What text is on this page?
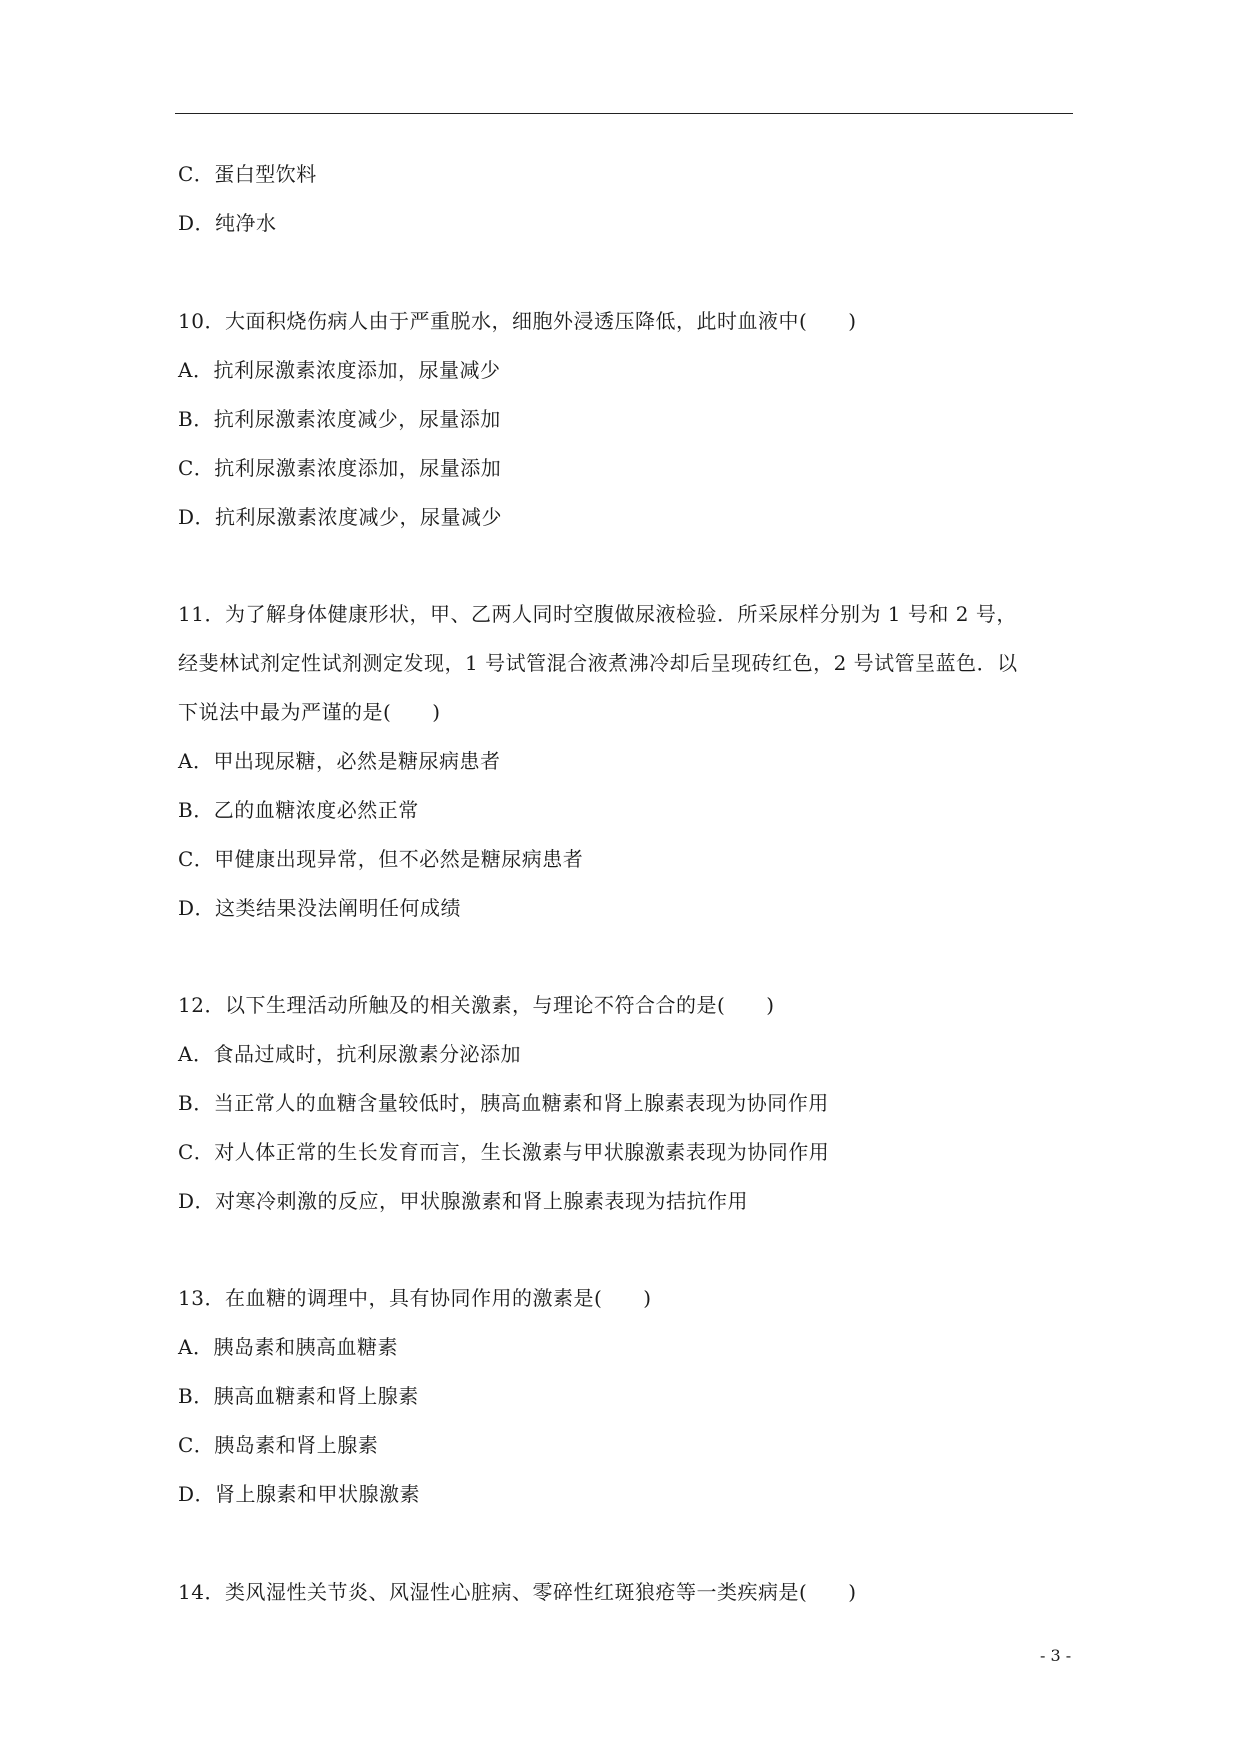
C．蛋白型饮料
D．纯净水
10．大面积烧伤病人由于严重脱水，细胞外浸透压降低，此时血液中(　　)
A．抗利尿激素浓度添加，尿量减少
B．抗利尿激素浓度减少，尿量添加
C．抗利尿激素浓度添加，尿量添加
D．抗利尿激素浓度减少，尿量减少
11．为了解身体健康形状，甲、乙两人同时空腹做尿液检验．所采尿样分别为 1 号和 2 号，
经斐林试剂定性试剂测定发现，1 号试管混合液煮沸冷却后呈现砖红色，2 号试管呈蓝色．以
下说法中最为严谨的是(　　)
A．甲出现尿糖，必然是糖尿病患者
B．乙的血糖浓度必然正常
C．甲健康出现异常，但不必然是糖尿病患者
D．这类结果没法阐明任何成绩
12．以下生理活动所触及的相关激素，与理论不符合合的是(　　)
A．食品过咸时，抗利尿激素分泌添加
B．当正常人的血糖含量较低时，胰高血糖素和肾上腺素表现为协同作用
C．对人体正常的生长发育而言，生长激素与甲状腺激素表现为协同作用
D．对寒冷刺激的反应，甲状腺激素和肾上腺素表现为拮抗作用
13．在血糖的调理中，具有协同作用的激素是(　　)
A．胰岛素和胰高血糖素
B．胰高血糖素和肾上腺素
C．胰岛素和肾上腺素
D．肾上腺素和甲状腺激素
14．类风湿性关节炎、风湿性心脏病、零碎性红斑狼疮等一类疾病是(　　)
- 3 -
